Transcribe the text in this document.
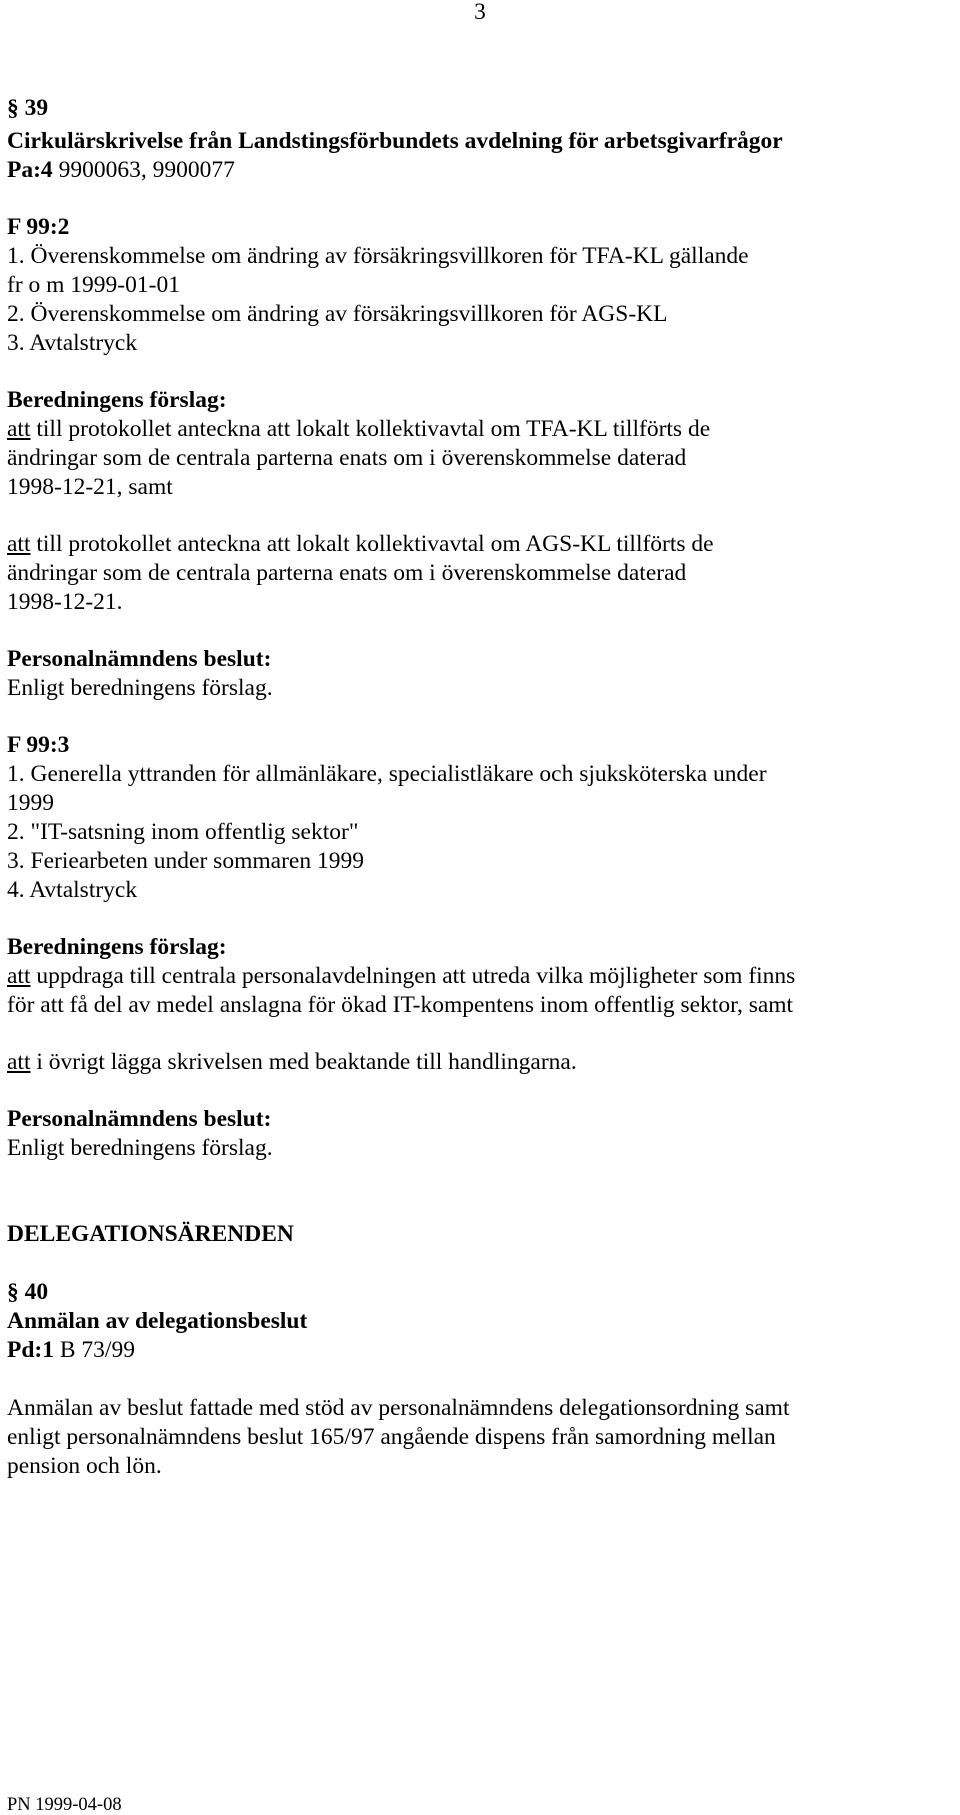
3
§ 39
Cirkulärskrivelse från Landstingsförbundets avdelning för arbetsgivarfrågor
Pa:4 9900063, 9900077
F 99:2
1. Överenskommelse om ändring av försäkringsvillkoren för TFA-KL gällande
fr o m 1999-01-01
2. Överenskommelse om ändring av försäkringsvillkoren för AGS-KL
3. Avtalstryck
Beredningens förslag:
att till protokollet anteckna att lokalt kollektivavtal om TFA-KL tillförts de
ändringar som de centrala parterna enats om i överenskommelse daterad
1998-12-21, samt
att till protokollet anteckna att lokalt kollektivavtal om AGS-KL tillförts de
ändringar som de centrala parterna enats om i överenskommelse daterad
1998-12-21.
Personalnämndens beslut:
Enligt beredningens förslag.
F 99:3
1. Generella yttranden för allmänläkare, specialistläkare och sjuksköterska under
1999
2. "IT-satsning inom offentlig sektor"
3. Feriearbeten under sommaren 1999
4. Avtalstryck
Beredningens förslag:
att uppdraga till centrala personalavdelningen att utreda vilka möjligheter som finns
för att få del av medel anslagna för ökad IT-kompentens inom offentlig sektor, samt
att i övrigt lägga skrivelsen med beaktande till handlingarna.
Personalnämndens beslut:
Enligt beredningens förslag.
DELEGATIONSÄRENDEN
§ 40
Anmälan av delegationsbeslut
Pd:1 B 73/99
Anmälan av beslut fattade med stöd av personalnämndens delegationsordning samt
enligt personalnämndens beslut 165/97 angående dispens från samordning mellan
pension och lön.
PN 1999-04-08
